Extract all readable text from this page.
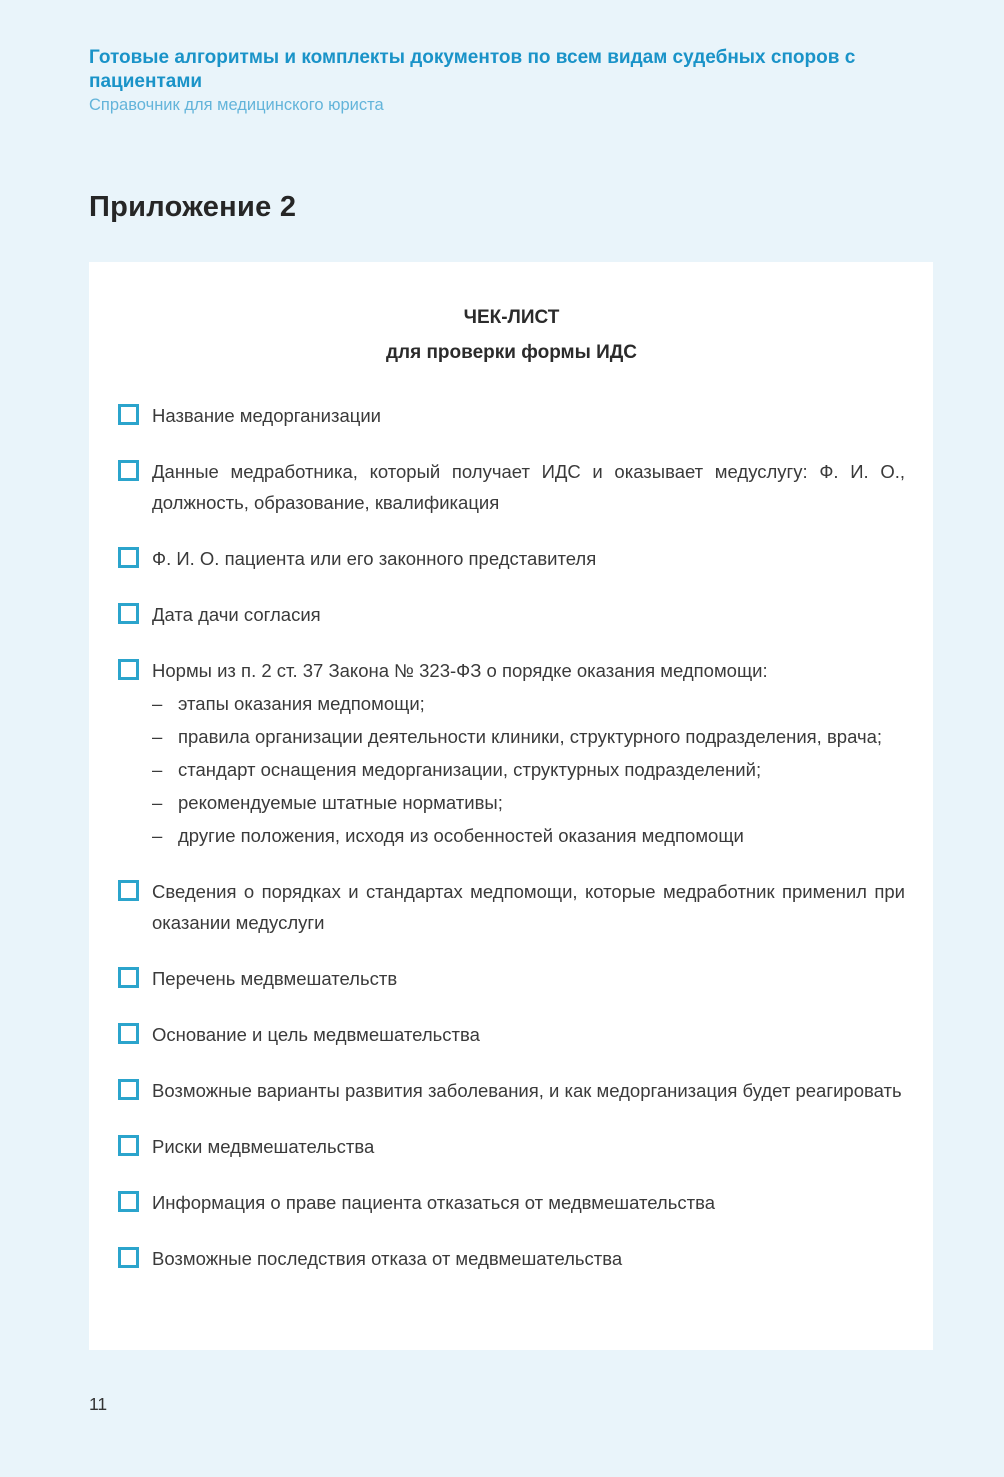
Готовые алгоритмы и комплекты документов по всем видам судебных споров с пациентами

Справочник для медицинского юриста

Приложение 2

ЧЕК-ЛИСТ

для проверки формы ИДС

Название медорганизации

Данные медработника, который получает ИДС и оказывает медуслугу: Ф. И. О., должность, образование, квалификация

Ф. И. О. пациента или его законного представителя

Дата дачи согласия

Нормы из п. 2 ст. 37 Закона № 323-ФЗ о порядке оказания медпомощи:

– этапы оказания медпомощи;

– правила организации деятельности клиники, структурного подразделения, врача;

– стандарт оснащения медорганизации, структурных подразделений;

– рекомендуемые штатные нормативы;

– другие положения, исходя из особенностей оказания медпомощи

Сведения о порядках и стандартах медпомощи, которые медработник применил при оказании медуслуги

Перечень медвмешательств

Основание и цель медвмешательства

Возможные варианты развития заболевания, и как медорганизация будет реагировать

Риски медвмешательства

Информация о праве пациента отказаться от медвмешательства

Возможные последствия отказа от медвмешательства

11
